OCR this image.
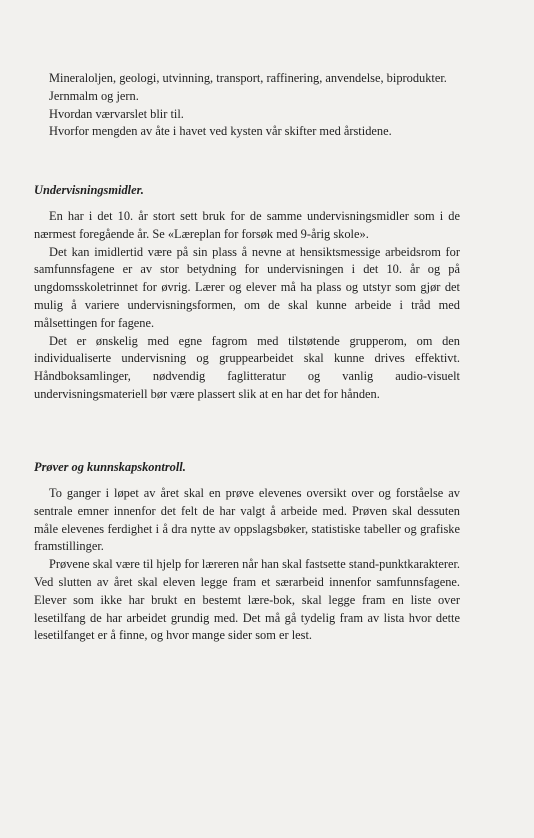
Mineraloljen, geologi, utvinning, transport, raffinering, anvendelse, biprodukter.

Jernmalm og jern.

Hvordan værvarslet blir til.

Hvorfor mengden av åte i havet ved kysten vår skifter med årstidene.

Undervisningsmidler.

En har i det 10. år stort sett bruk for de samme undervisningsmidler som i de nærmest foregående år. Se «Læreplan for forsøk med 9-årig skole».

Det kan imidlertid være på sin plass å nevne at hensiktsmessige arbeidsrom for samfunnsfagene er av stor betydning for undervisningen i det 10. år og på ungdomsskoletrinnet for øvrig. Lærer og elever må ha plass og utstyr som gjør det mulig å variere undervisningsformen, om de skal kunne arbeide i tråd med målsettingen for fagene.

Det er ønskelig med egne fagrom med tilstøtende grupperom, om den individualiserte undervisning og gruppearbeidet skal kunne drives effektivt. Håndboksamlinger, nødvendig faglitteratur og vanlig audio-visuelt undervisningsmateriell bør være plassert slik at en har det for hånden.

Prøver og kunnskapskontroll.

To ganger i løpet av året skal en prøve elevenes oversikt over og forståelse av sentrale emner innenfor det felt de har valgt å arbeide med. Prøven skal dessuten måle elevenes ferdighet i å dra nytte av oppslagsbøker, statistiske tabeller og grafiske framstillinger.

Prøvene skal være til hjelp for læreren når han skal fastsette stand-punktkarakterer. Ved slutten av året skal eleven legge fram et særarbeid innenfor samfunnsfagene. Elever som ikke har brukt en bestemt lære-bok, skal legge fram en liste over lesetilfang de har arbeidet grundig med. Det må gå tydelig fram av lista hvor dette lesetilfanget er å finne, og hvor mange sider som er lest.
